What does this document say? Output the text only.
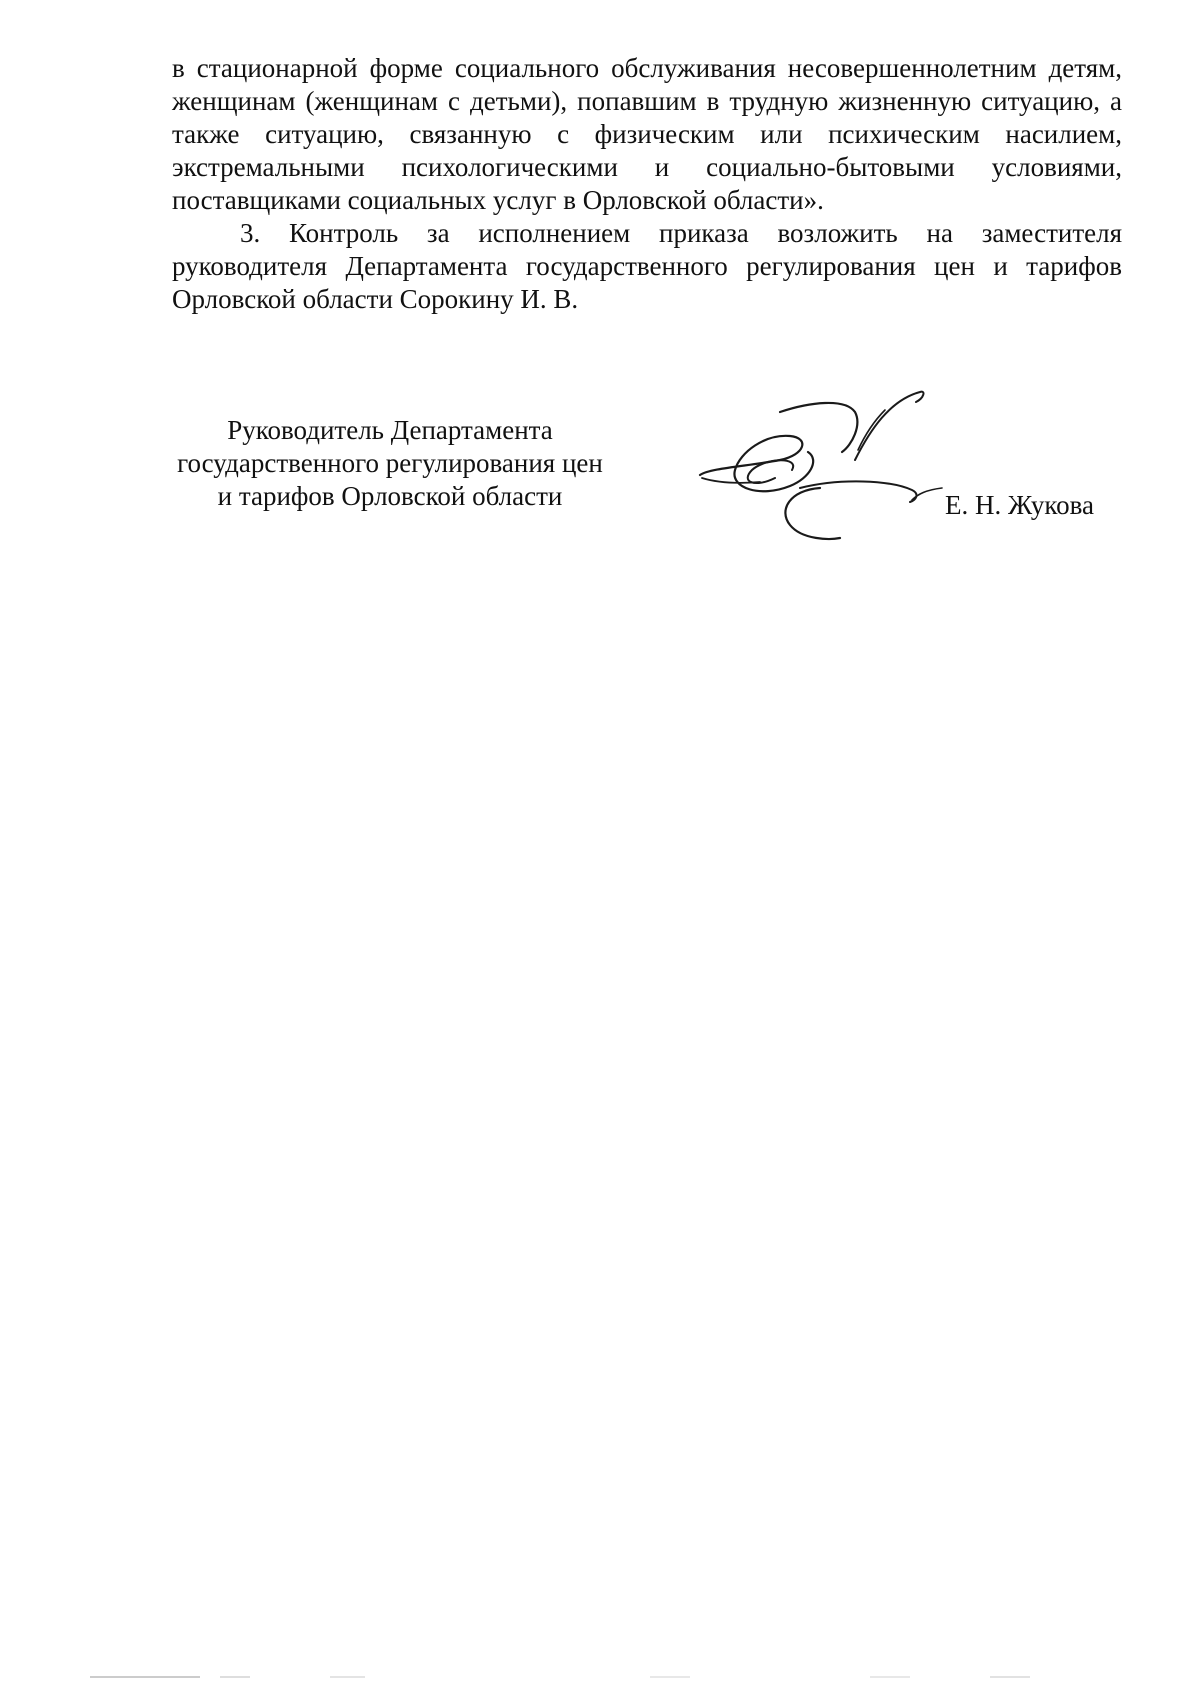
в стационарной форме социального обслуживания несовершеннолетним детям, женщинам (женщинам с детьми), попавшим в трудную жизненную ситуацию, а также ситуацию, связанную с физическим или психическим насилием, экстремальными психологическими и социально-бытовыми условиями, поставщиками социальных услуг в Орловской области».

3. Контроль за исполнением приказа возложить на заместителя руководителя Департамента государственного регулирования цен и тарифов Орловской области Сорокину И. В.

Руководитель Департамента
государственного регулирования цен
и тарифов Орловской области	Е. Н. Жукова
